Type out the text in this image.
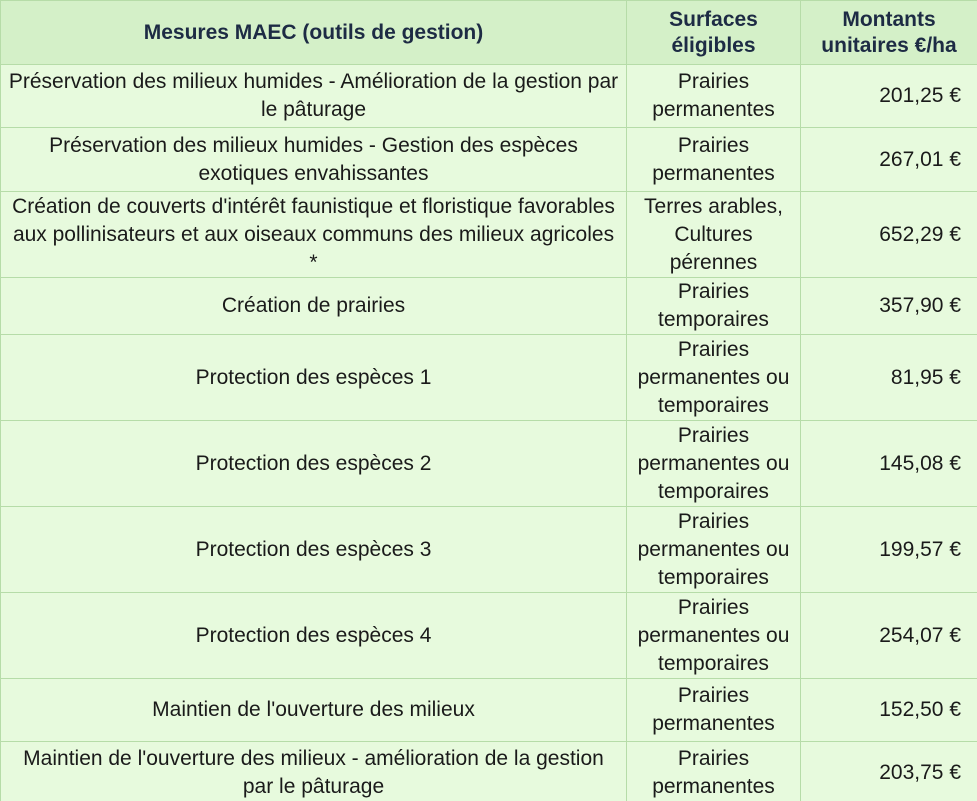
Mesures MAEC (outils de gestion)	Surfaces éligibles	Montants unitaires €/ha
Préservation des milieux humides - Amélioration de la gestion par le pâturage	Prairies permanentes	201,25 €
Préservation des milieux humides - Gestion des espèces exotiques envahissantes	Prairies permanentes	267,01 €
Création de couverts d'intérêt faunistique et floristique favorables aux pollinisateurs et aux oiseaux communs des milieux agricoles *	Terres arables, Cultures pérennes	652,29 €
Création de prairies	Prairies temporaires	357,90 €
Protection des espèces 1	Prairies permanentes ou temporaires	81,95 €
Protection des espèces 2	Prairies permanentes ou temporaires	145,08 €
Protection des espèces 3	Prairies permanentes ou temporaires	199,57 €
Protection des espèces 4	Prairies permanentes ou temporaires	254,07 €
Maintien de l'ouverture des milieux	Prairies permanentes	152,50 €
Maintien de l'ouverture des milieux - amélioration de la gestion par le pâturage	Prairies permanentes	203,75 €
